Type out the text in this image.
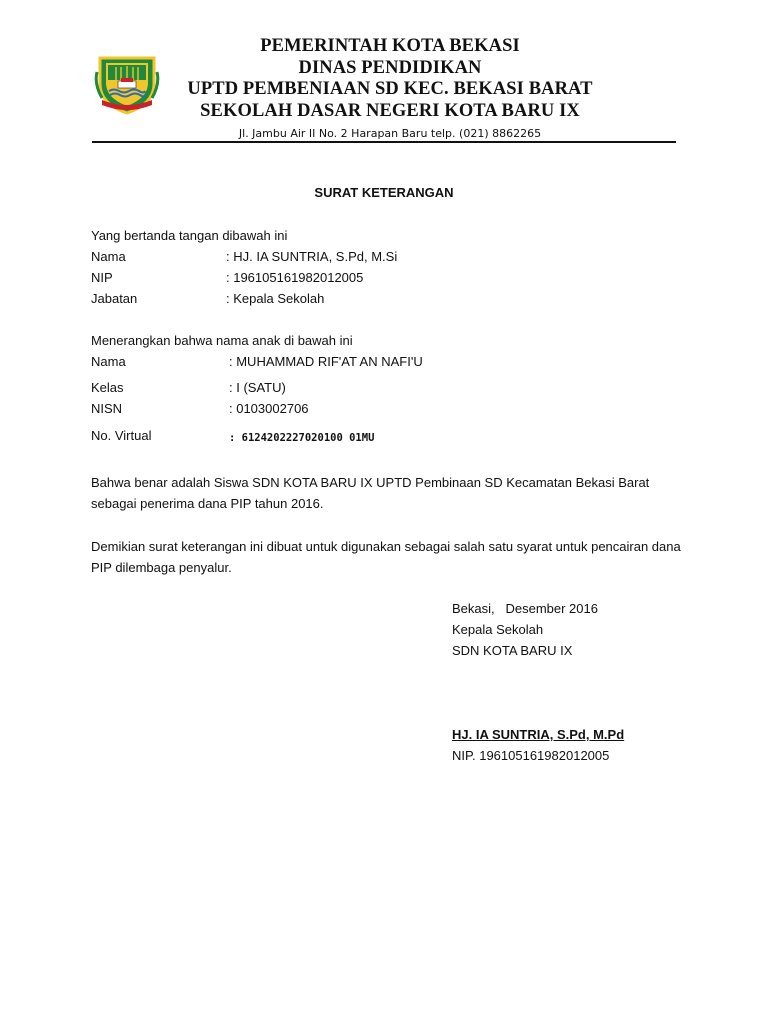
PEMERINTAH KOTA BEKASI
DINAS PENDIDIKAN
UPTD PEMBENIAAN SD KEC. BEKASI BARAT
SEKOLAH DASAR NEGERI KOTA BARU IX
Jl. Jambu Air II No. 2 Harapan Baru telp. (021) 8862265
SURAT KETERANGAN
Yang bertanda tangan dibawah ini
Nama	: HJ. IA SUNTRIA, S.Pd, M.Si
NIP	: 196105161982012005
Jabatan	: Kepala Sekolah
Menerangkan bahwa nama anak di bawah ini
Nama	: MUHAMMAD RIF'AT AN NAFI'U
Kelas	: I (SATU)
NISN	: 0103002706
No. Virtual	: 6124202227020100 01MU
Bahwa benar adalah Siswa SDN KOTA BARU IX UPTD Pembinaan SD Kecamatan Bekasi Barat sebagai penerima dana PIP tahun 2016.
Demikian surat keterangan ini dibuat untuk digunakan sebagai salah satu syarat untuk pencairan dana PIP dilembaga penyalur.
Bekasi,   Desember 2016
Kepala Sekolah
SDN KOTA BARU IX
HJ. IA SUNTRIA, S.Pd, M.Pd
NIP. 196105161982012005
